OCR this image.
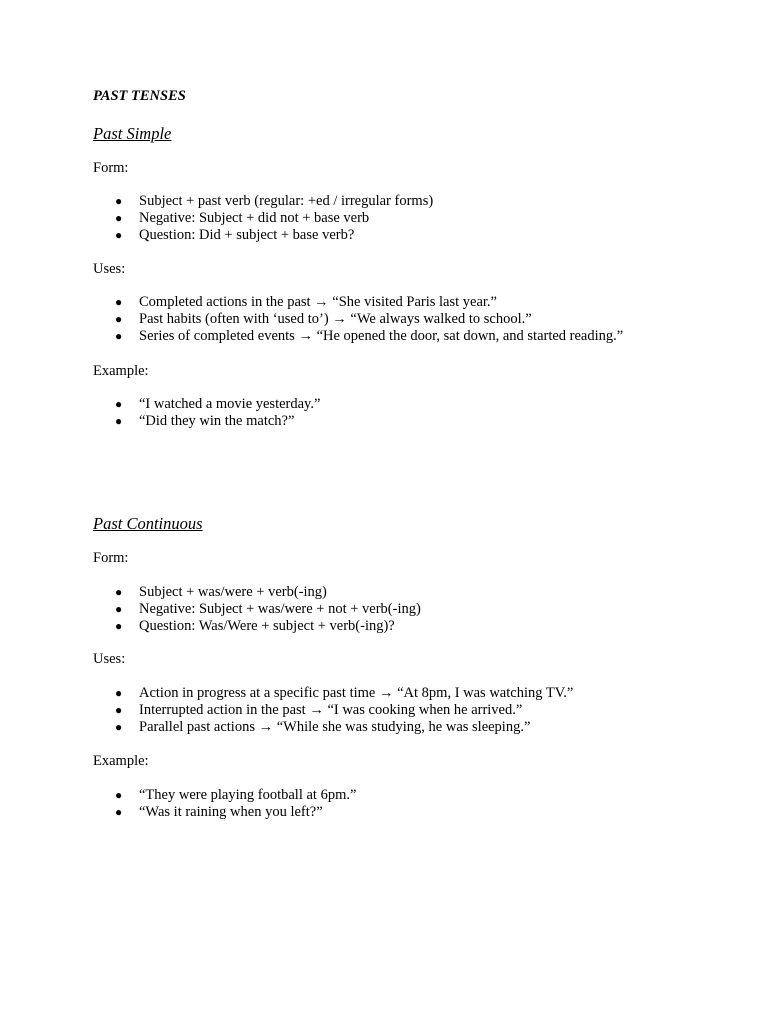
PAST TENSES

Past Simple

Form:

● Subject + past verb (regular: +ed / irregular forms)
● Negative: Subject + did not + base verb
● Question: Did + subject + base verb?

Uses:

● Completed actions in the past → “She visited Paris last year.”
● Past habits (often with ‘used to’) → “We always walked to school.”
● Series of completed events → “He opened the door, sat down, and started reading.”

Example:

● “I watched a movie yesterday.”
● “Did they win the match?”
Past Continuous

Form:

● Subject + was/were + verb(-ing)
● Negative: Subject + was/were + not + verb(-ing)
● Question: Was/Were + subject + verb(-ing)?

Uses:

● Action in progress at a specific past time → “At 8pm, I was watching TV.”
● Interrupted action in the past → “I was cooking when he arrived.”
● Parallel past actions → “While she was studying, he was sleeping.”

Example:

● “They were playing football at 6pm.”
● “Was it raining when you left?”
